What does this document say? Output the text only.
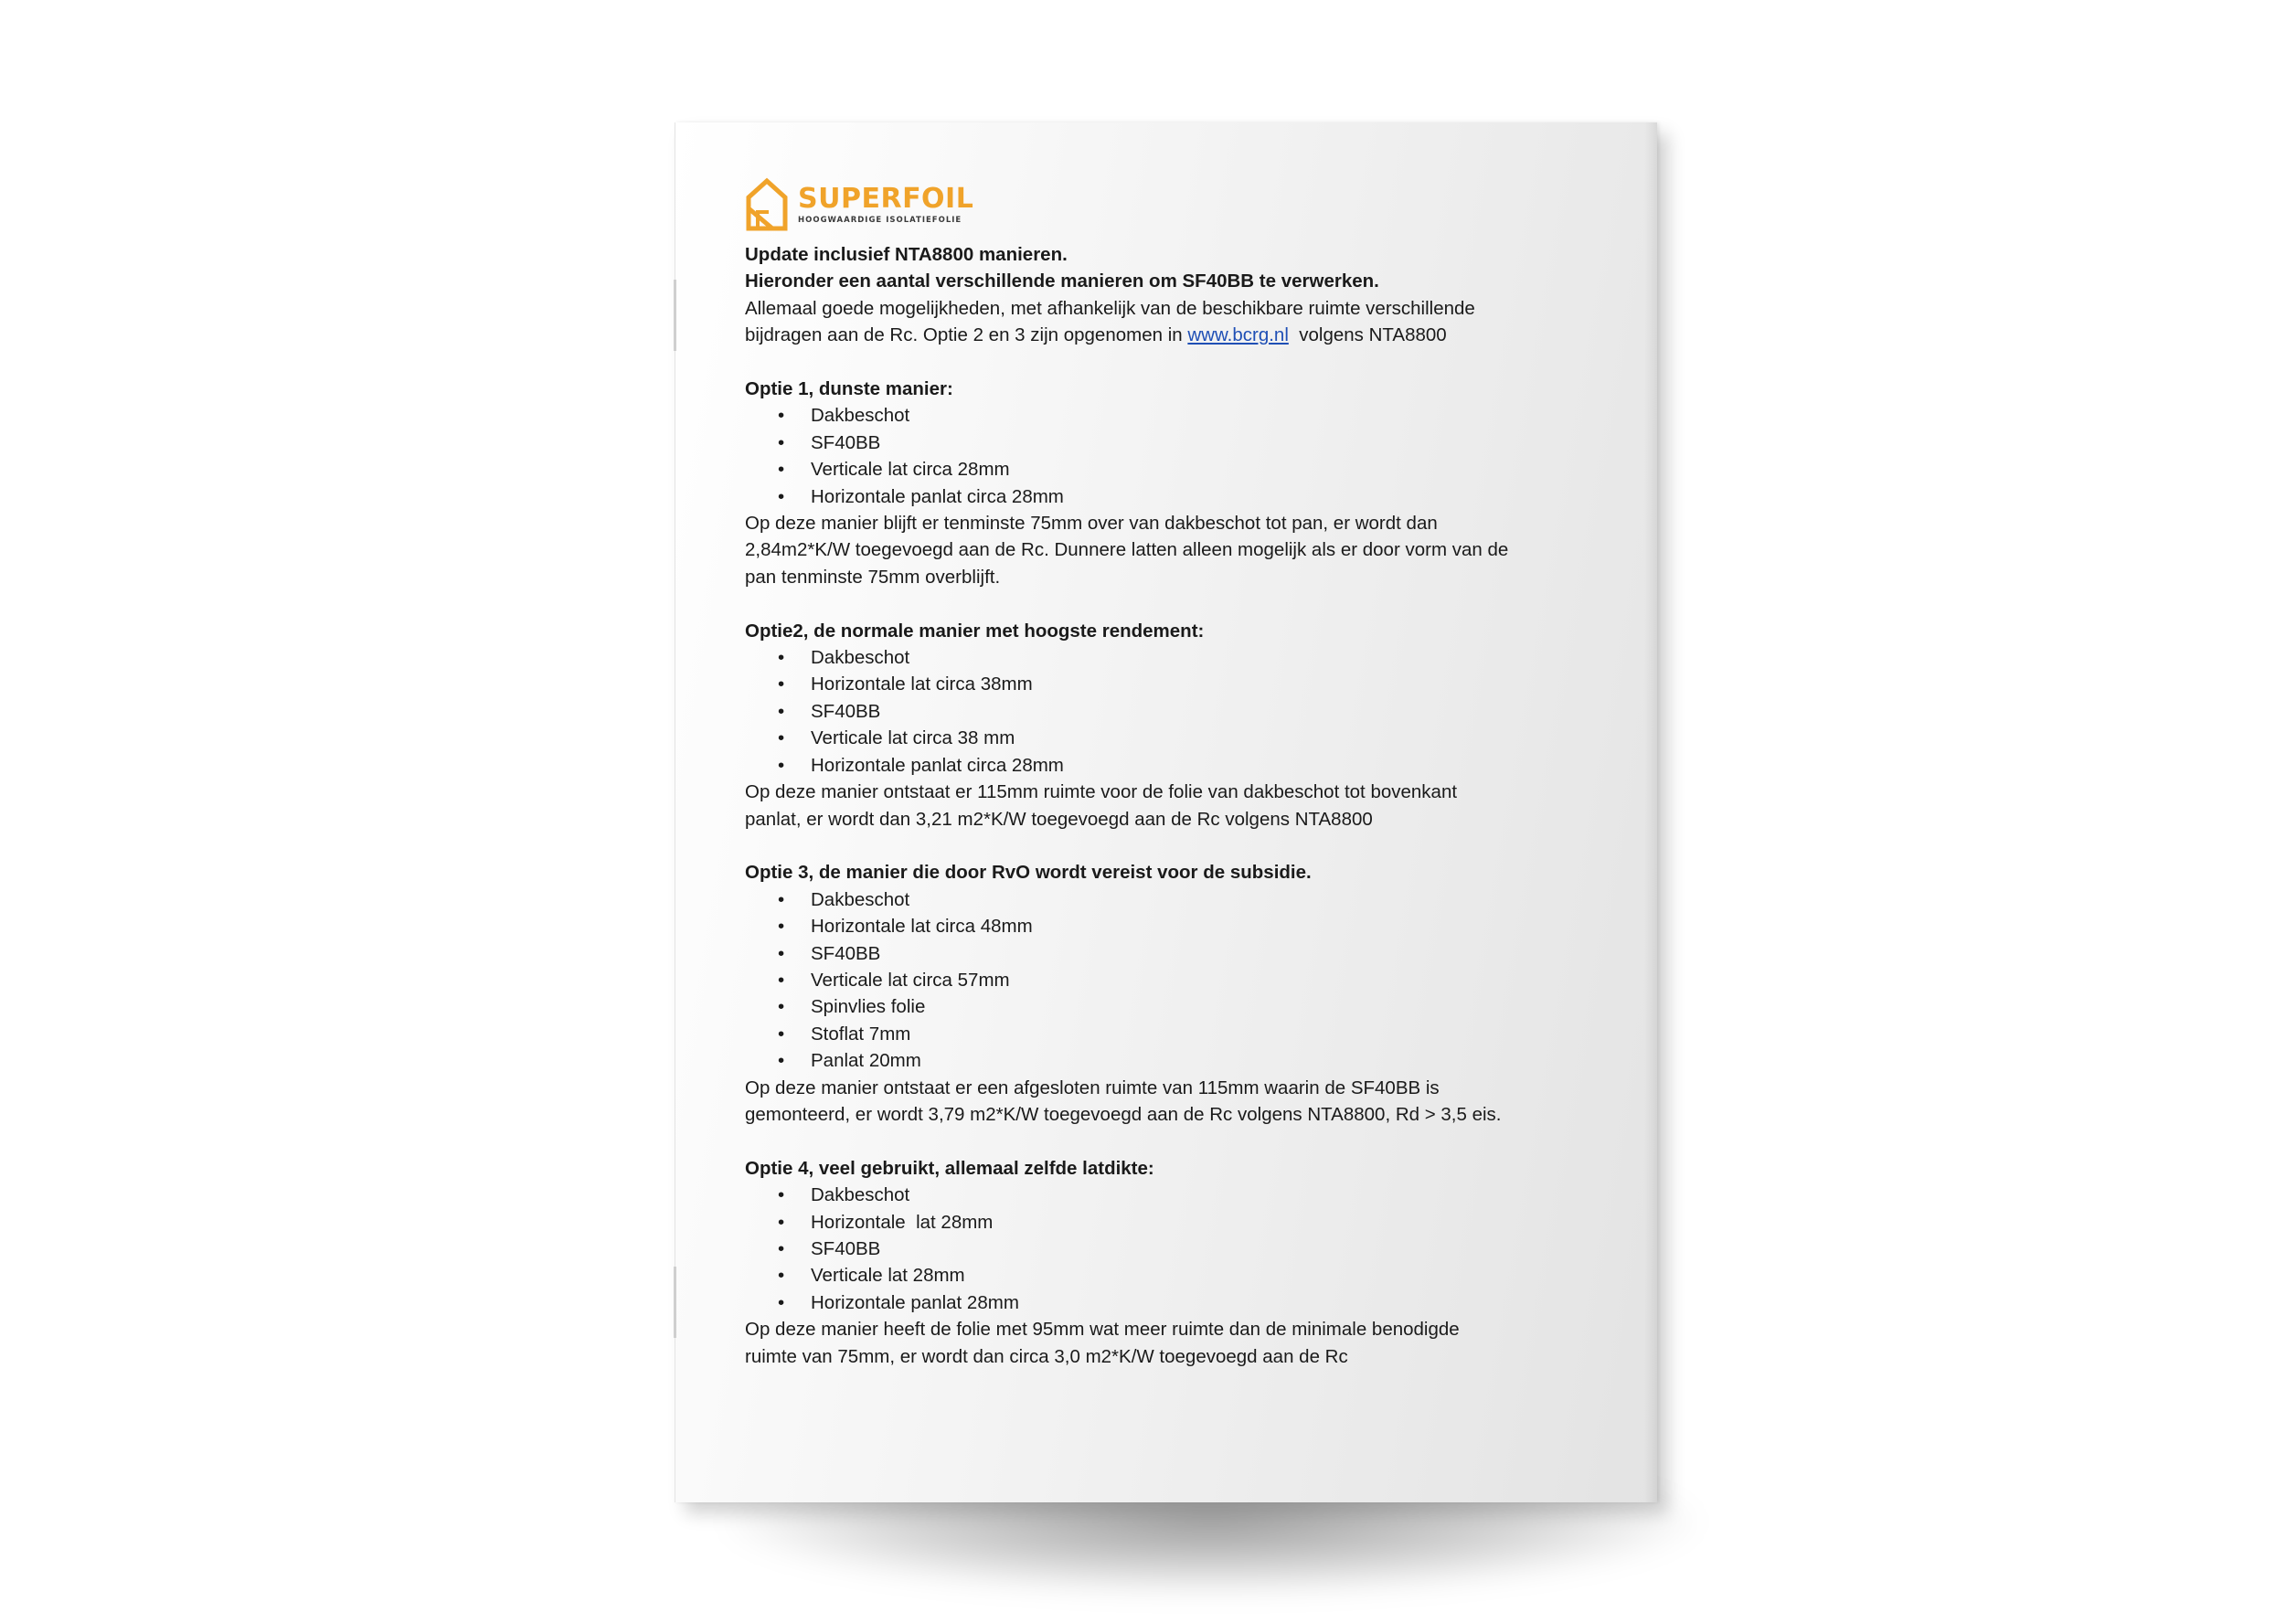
SUPERFOIL
HOOGWAARDIGE ISOLATIEFOLIE

Update inclusief NTA8800 manieren.

Hieronder een aantal verschillende manieren om SF40BB te verwerken.

Allemaal goede mogelijkheden, met afhankelijk van de beschikbare ruimte verschillende

bijdragen aan de Rc. Optie 2 en 3 zijn opgenomen in www.bcrg.nl  volgens NTA8800

Optie 1, dunste manier:

• Dakbeschot
• SF40BB
• Verticale lat circa 28mm
• Horizontale panlat circa 28mm

Op deze manier blijft er tenminste 75mm over van dakbeschot tot pan, er wordt dan

2,84m2*K/W toegevoegd aan de Rc. Dunnere latten alleen mogelijk als er door vorm van de

pan tenminste 75mm overblijft.

Optie2, de normale manier met hoogste rendement:

• Dakbeschot
• Horizontale lat circa 38mm
• SF40BB
• Verticale lat circa 38 mm
• Horizontale panlat circa 28mm

Op deze manier ontstaat er 115mm ruimte voor de folie van dakbeschot tot bovenkant

panlat, er wordt dan 3,21 m2*K/W toegevoegd aan de Rc volgens NTA8800

Optie 3, de manier die door RvO wordt vereist voor de subsidie.

• Dakbeschot
• Horizontale lat circa 48mm
• SF40BB
• Verticale lat circa 57mm
• Spinvlies folie
• Stoflat 7mm
• Panlat 20mm

Op deze manier ontstaat er een afgesloten ruimte van 115mm waarin de SF40BB is

gemonteerd, er wordt 3,79 m2*K/W toegevoegd aan de Rc volgens NTA8800, Rd > 3,5 eis.

Optie 4, veel gebruikt, allemaal zelfde latdikte:

• Dakbeschot
• Horizontale  lat 28mm
• SF40BB
• Verticale lat 28mm
• Horizontale panlat 28mm

Op deze manier heeft de folie met 95mm wat meer ruimte dan de minimale benodigde

ruimte van 75mm, er wordt dan circa 3,0 m2*K/W toegevoegd aan de Rc
